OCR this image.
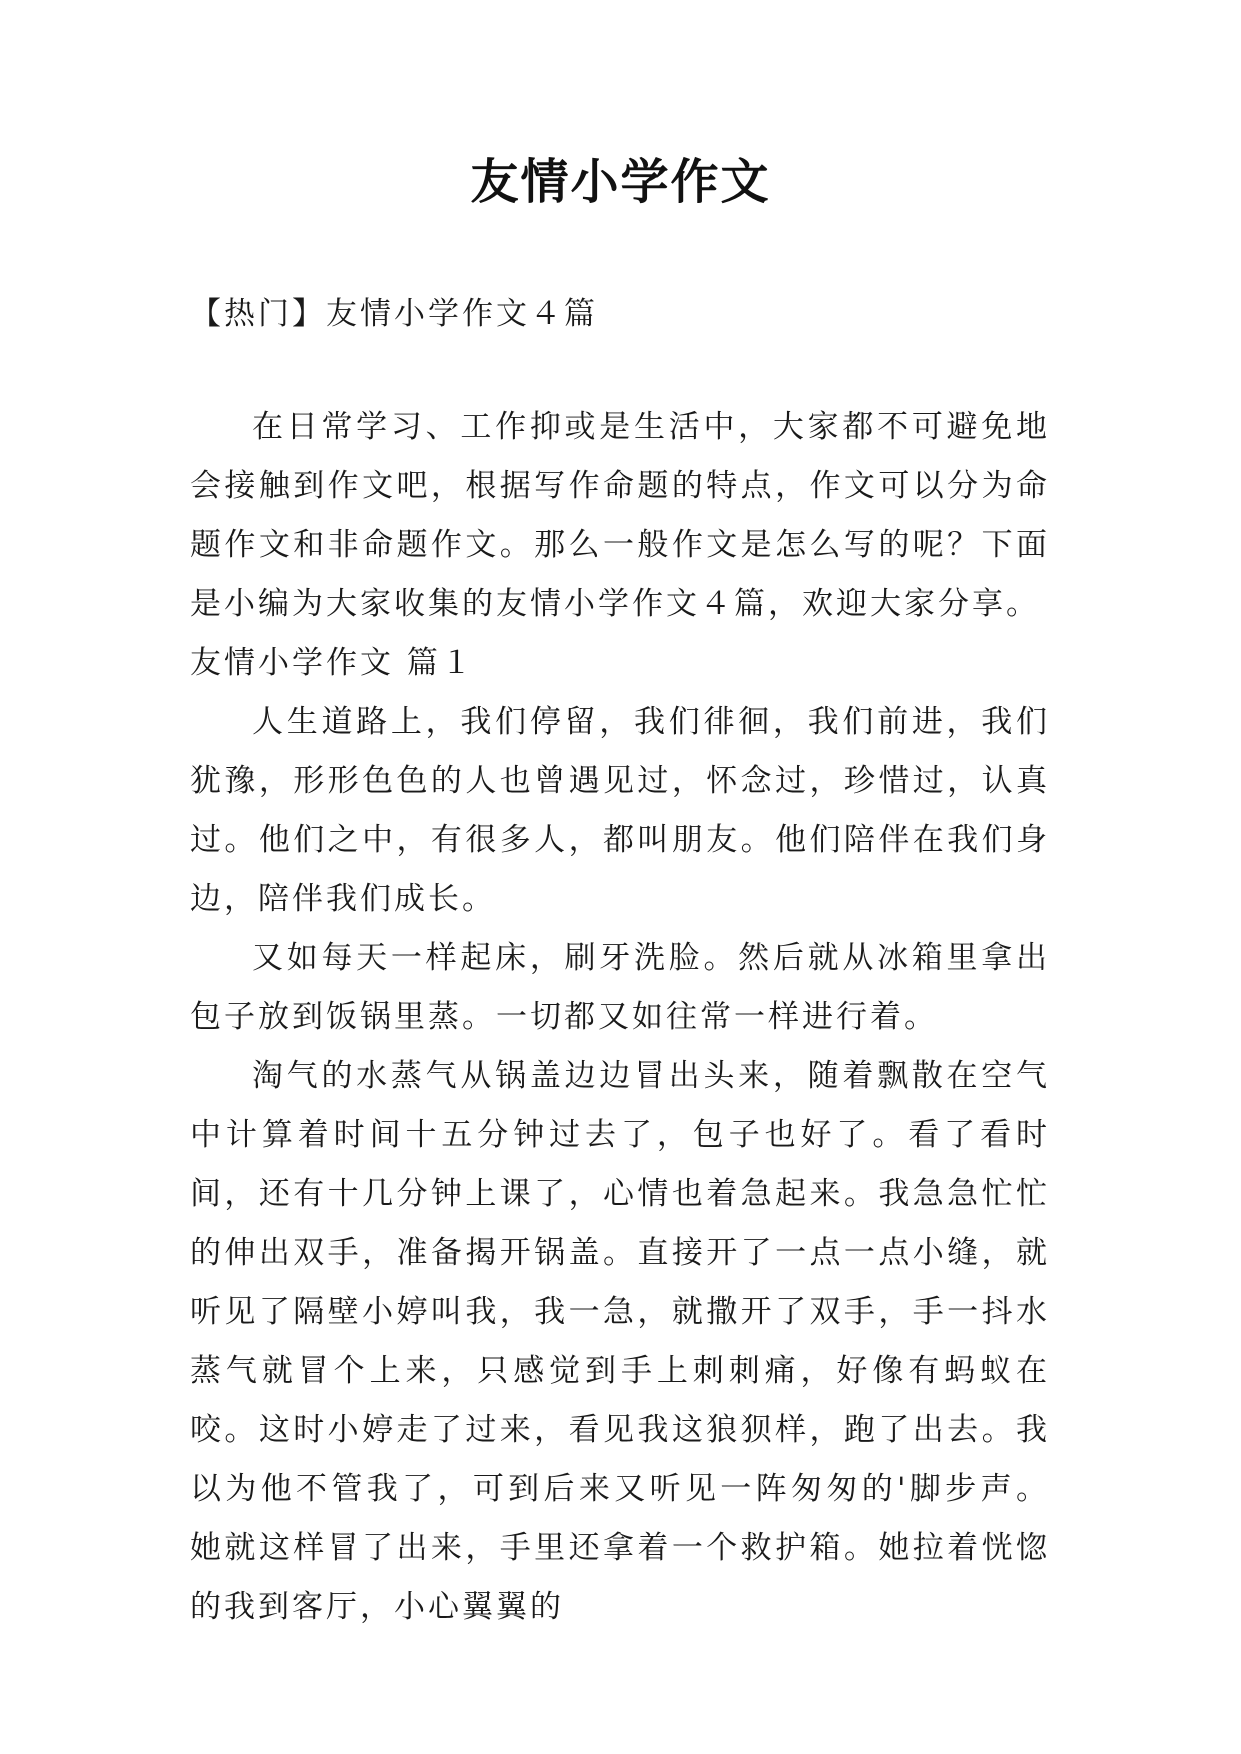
友情小学作文

【热门】友情小学作文４篇

在日常学习、工作抑或是生活中，大家都不可避免地会接触到作文吧，根据写作命题的特点，作文可以分为命题作文和非命题作文。那么一般作文是怎么写的呢？下面是小编为大家收集的友情小学作文４篇，欢迎大家分享。

友情小学作文 篇１

人生道路上，我们停留，我们徘徊，我们前进，我们犹豫，形形色色的人也曾遇见过，怀念过，珍惜过，认真过。他们之中，有很多人，都叫朋友。他们陪伴在我们身边，陪伴我们成长。

又如每天一样起床，刷牙洗脸。然后就从冰箱里拿出包子放到饭锅里蒸。一切都又如往常一样进行着。

淘气的水蒸气从锅盖边边冒出头来，随着飘散在空气中计算着时间十五分钟过去了，包子也好了。看了看时间，还有十几分钟上课了，心情也着急起来。我急急忙忙的伸出双手，准备揭开锅盖。直接开了一点一点小缝，就听见了隔壁小婷叫我，我一急，就撒开了双手，手一抖水蒸气就冒个上来，只感觉到手上刺刺痛，好像有蚂蚁在咬。这时小婷走了过来，看见我这狼狈样，跑了出去。我以为他不管我了，可到后来又听见一阵匆匆的'脚步声。她就这样冒了出来，手里还拿着一个救护箱。她拉着恍惚的我到客厅，小心翼翼的
